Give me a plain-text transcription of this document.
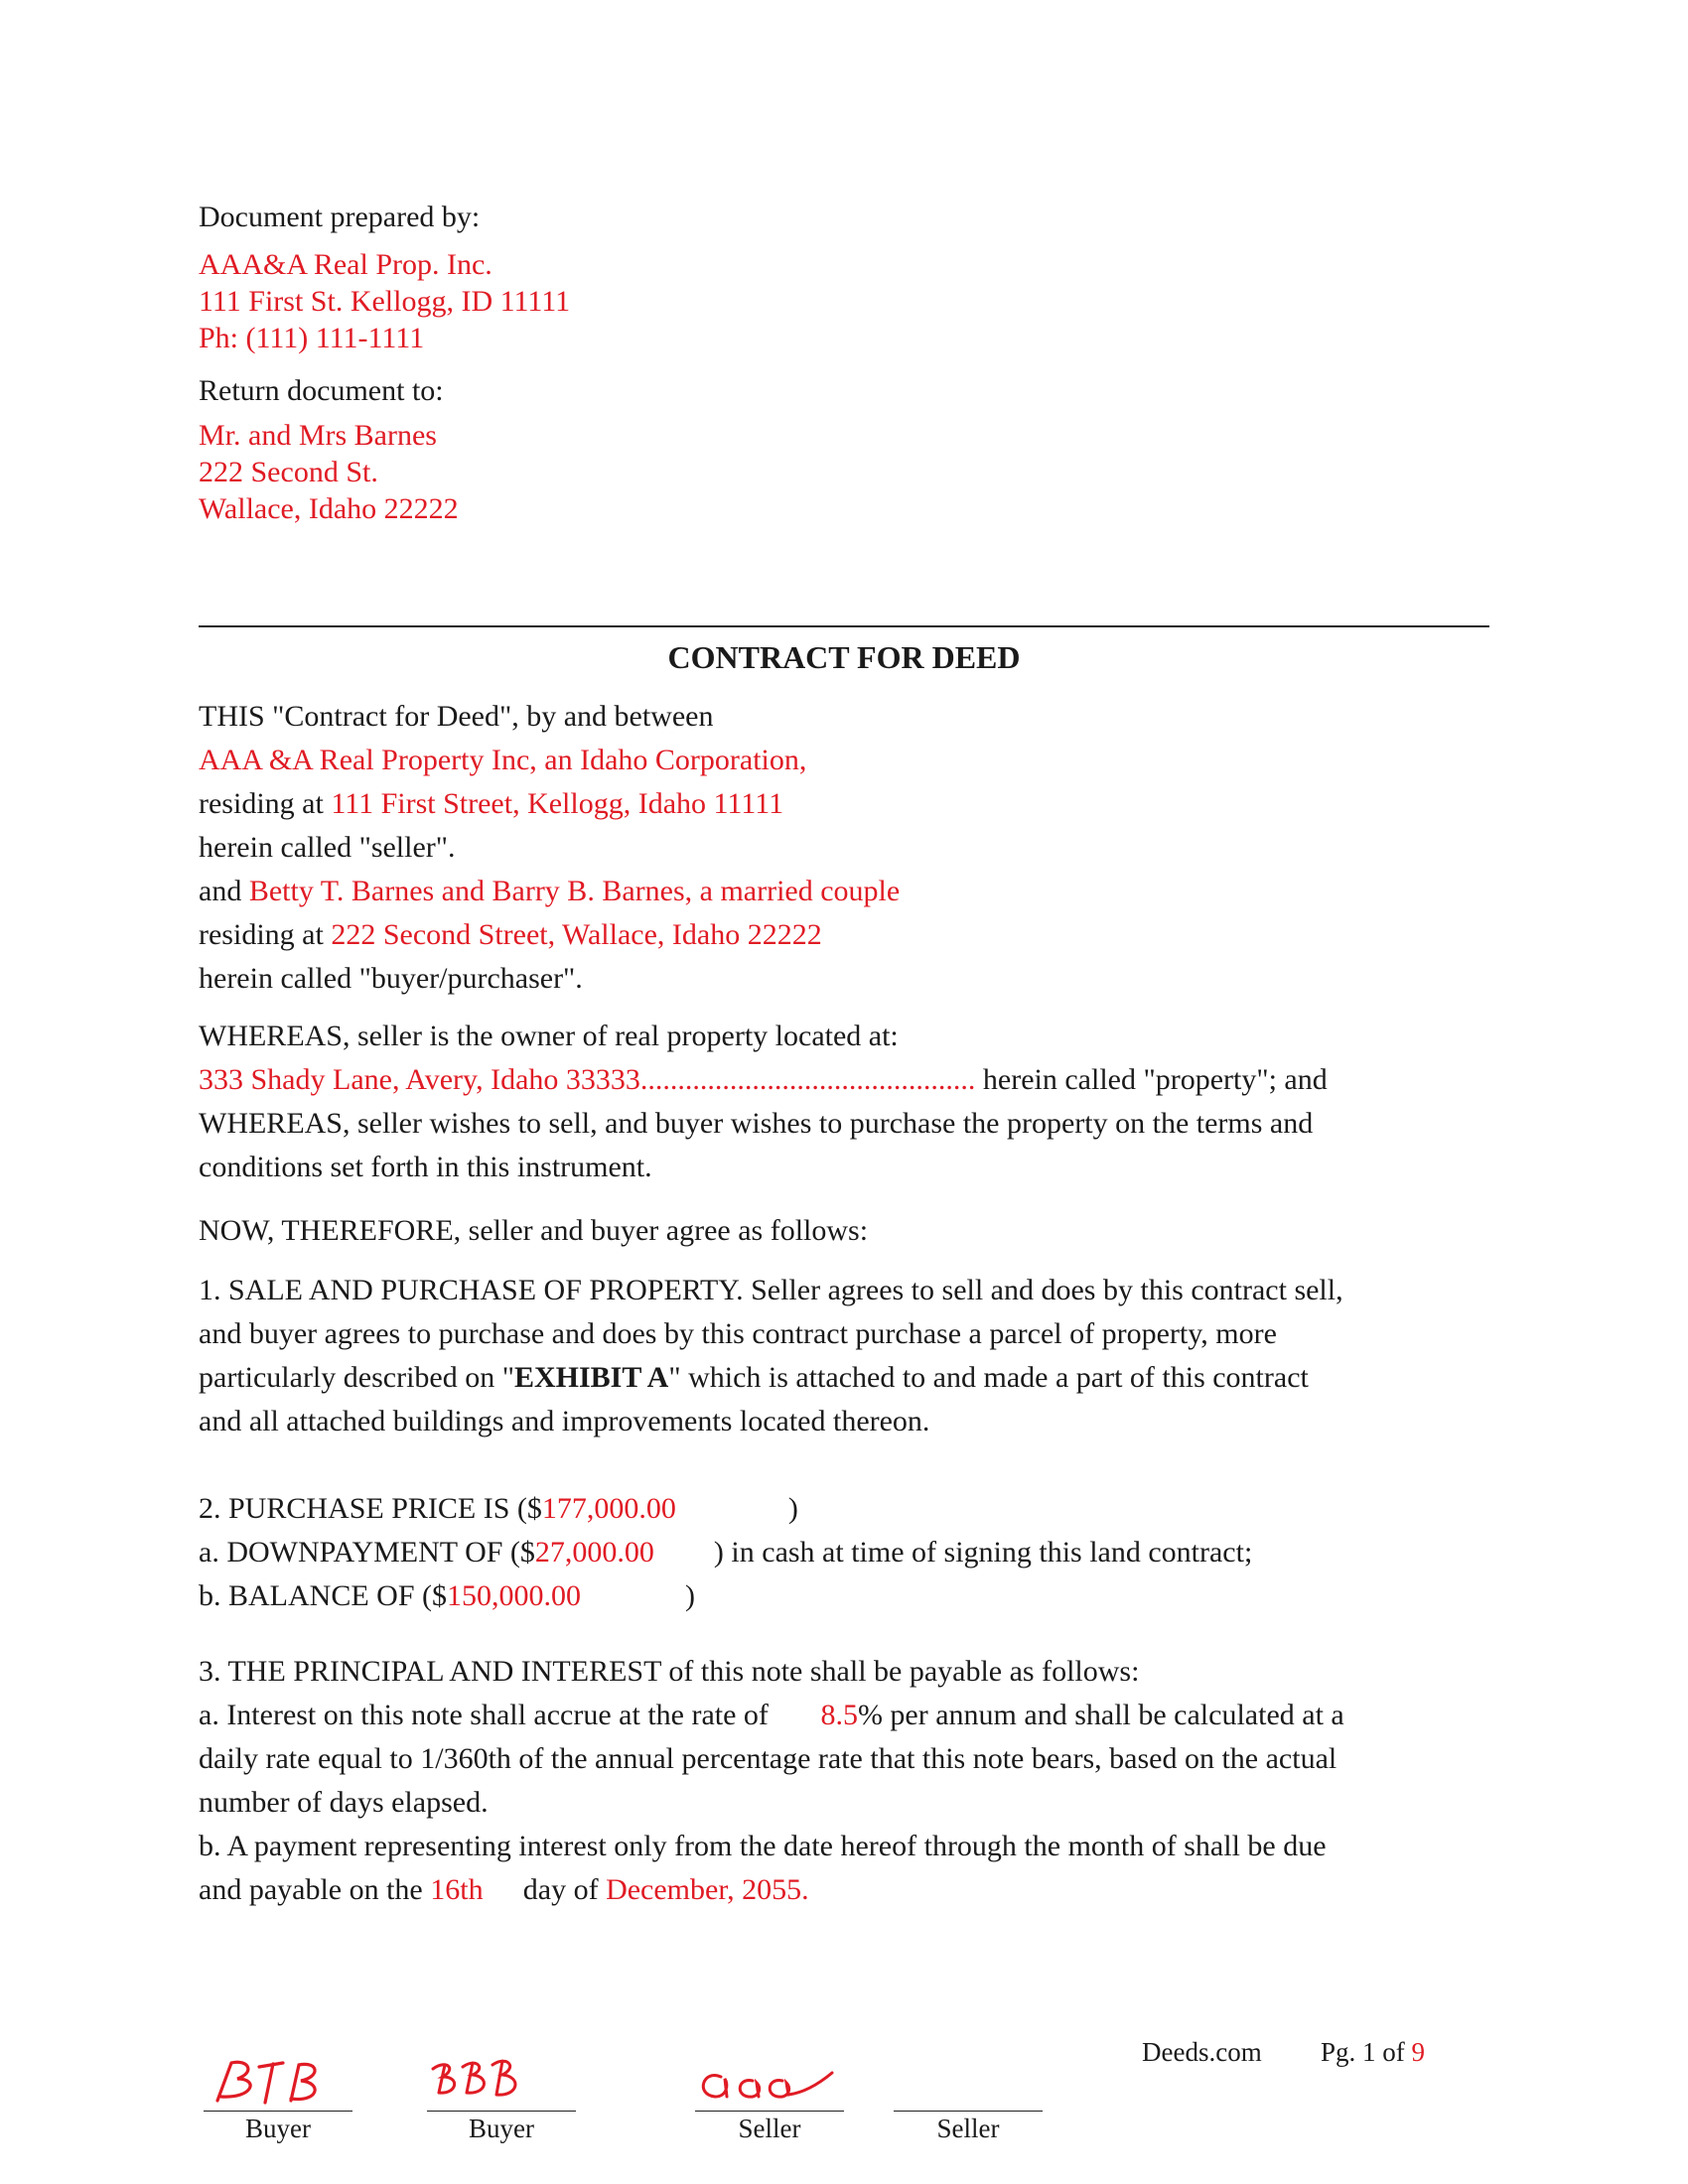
Document prepared by:
AAA&A Real Prop. Inc.
111 First St. Kellogg, ID 11111
Ph: (111) 111-1111
Return document to:
Mr. and Mrs Barnes
222 Second St.
Wallace, Idaho 22222
CONTRACT FOR DEED
THIS "Contract for Deed", by and between
AAA &A Real Property Inc, an Idaho Corporation,
residing at 111 First Street, Kellogg, Idaho 11111
herein called "seller".
and Betty T. Barnes and Barry B. Barnes, a married couple
residing at 222 Second Street, Wallace, Idaho 22222
herein called "buyer/purchaser".
WHEREAS, seller is the owner of real property located at:
333 Shady Lane, Avery, Idaho 33333............................................. herein called "property"; and
WHEREAS, seller wishes to sell, and buyer wishes to purchase the property on the terms and
conditions set forth in this instrument.
NOW, THEREFORE, seller and buyer agree as follows:
1. SALE AND PURCHASE OF PROPERTY. Seller agrees to sell and does by this contract sell,
and buyer agrees to purchase and does by this contract purchase a parcel of property, more
particularly described on "EXHIBIT A" which is attached to and made a part of this contract
and all attached buildings and improvements located thereon.
2. PURCHASE PRICE IS ($177,000.00	)
a. DOWNPAYMENT OF ($27,000.00 ) in cash at time of signing this land contract;
b. BALANCE OF ($150,000.00	)
3. THE PRINCIPAL AND INTEREST of this note shall be payable as follows:
a. Interest on this note shall accrue at the rate of 8.5% per annum and shall be calculated at a
daily rate equal to 1/360th of the annual percentage rate that this note bears, based on the actual
number of days elapsed.
b. A payment representing interest only from the date hereof through the month of shall be due
and payable on the 16th day of December, 2055.
Deeds.com Pg. 1 of 9
Buyer	Buyer	Seller	Seller
